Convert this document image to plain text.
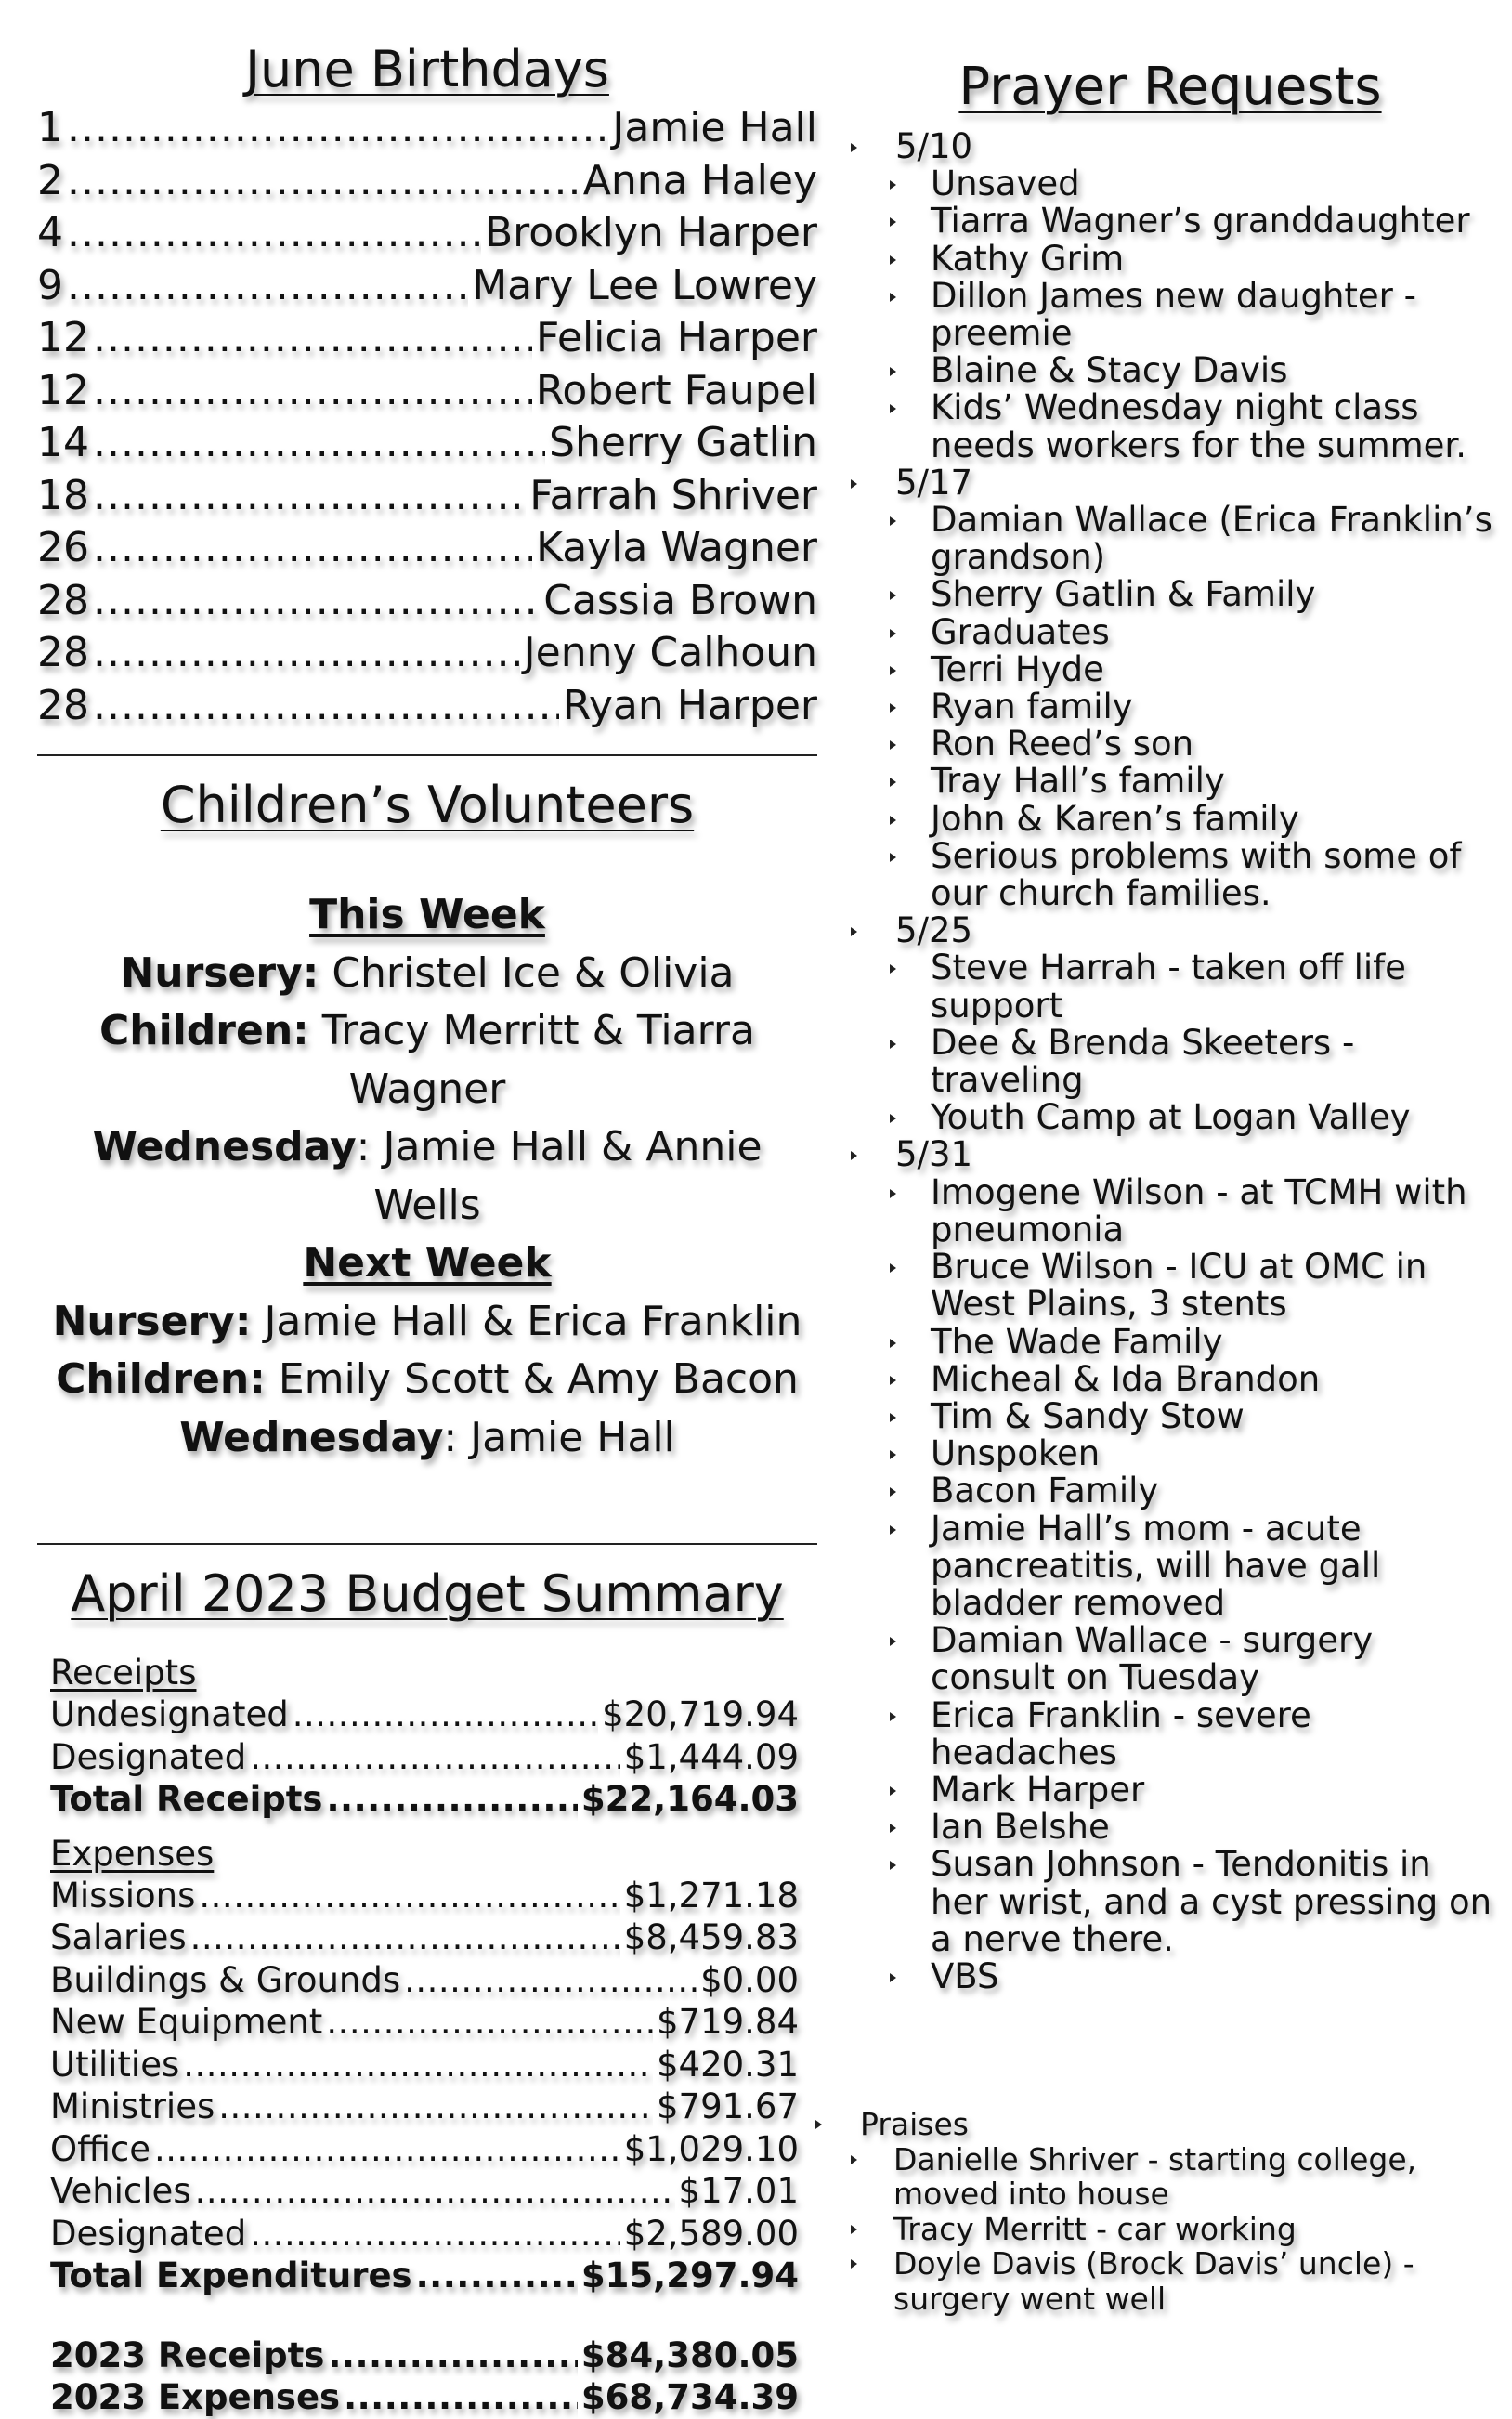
June Birthdays
1 .....	Jamie Hall
2 .....	Anna Haley
4 .....	Brooklyn Harper
9 .....	Mary Lee Lowrey
12 .....	Felicia Harper
12 .....	Robert Faupel
14 .....	Sherry Gatlin
18 .....	Farrah Shriver
26 .....	Kayla Wagner
28 .....	Cassia Brown
28 .....	Jenny Calhoun
28 .....	Ryan Harper
Children’s Volunteers
This Week
Nursery: Christel Ice & Olivia
Children: Tracy Merritt & Tiarra
Wagner
Wednesday: Jamie Hall & Annie Wells
Next Week
Nursery: Jamie Hall & Erica Franklin
Children: Emily Scott & Amy Bacon
Wednesday: Jamie Hall
April 2023 Budget Summary
Receipts
Undesignated .....	$20,719.94
Designated .....	$1,444.09
Total Receipts .....	$22,164.03
Expenses
Missions .....	$1,271.18
Salaries .....	$8,459.83
Buildings & Grounds .....	$0.00
New Equipment .....	$719.84
Utilities .....	$420.31
Ministries .....	$791.67
Office .....	$1,029.10
Vehicles .....	$17.01
Designated .....	$2,589.00
Total Expenditures .....	$15,297.94
2023 Receipts .....	$84,380.05
2023 Expenses .....	$68,734.39
Prayer Requests
5/10
Unsaved
Tiarra Wagner’s granddaughter
Kathy Grim
Dillon James new daughter - preemie
Blaine & Stacy Davis
Kids’ Wednesday night class needs workers for the summer.
5/17
Damian Wallace (Erica Franklin’s grandson)
Sherry Gatlin & Family
Graduates
Terri Hyde
Ryan family
Ron Reed’s son
Tray Hall’s family
John & Karen’s family
Serious problems with some of our church families.
5/25
Steve Harrah - taken off life support
Dee & Brenda Skeeters - traveling
Youth Camp at Logan Valley
5/31
Imogene Wilson - at TCMH with pneumonia
Bruce Wilson - ICU at OMC in West Plains, 3 stents
The Wade Family
Micheal & Ida Brandon
Tim & Sandy Stow
Unspoken
Bacon Family
Jamie Hall’s mom - acute pancreatitis, will have gall bladder removed
Damian Wallace - surgery consult on Tuesday
Erica Franklin - severe headaches
Mark Harper
Ian Belshe
Susan Johnson - Tendonitis in her wrist, and a cyst pressing on a nerve there.
VBS
Praises
Danielle Shriver - starting college, moved into house
Tracy Merritt - car working
Doyle Davis (Brock Davis’ uncle) - surgery went well
